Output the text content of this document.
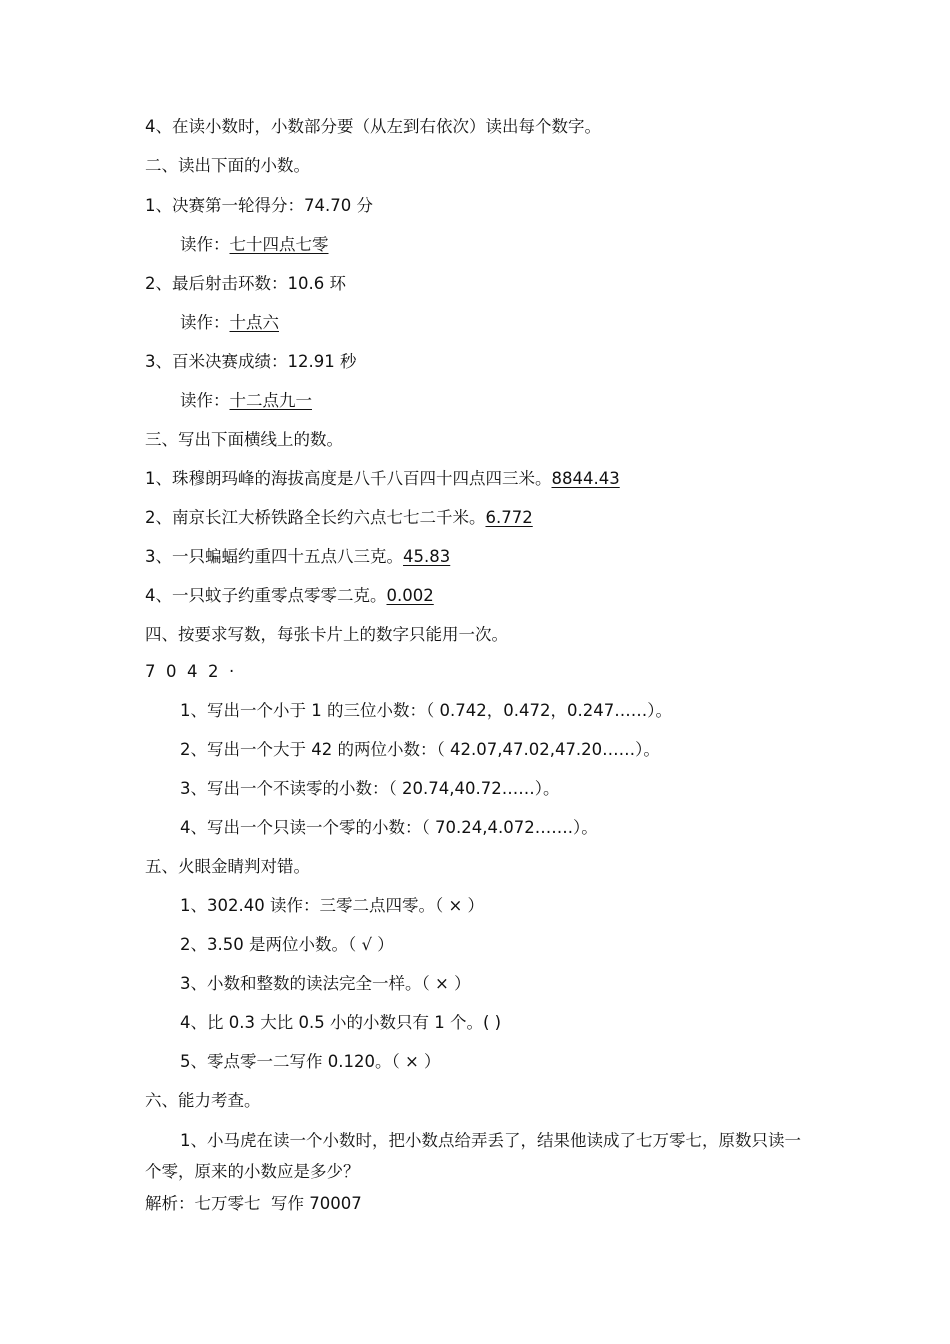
4、在读小数时，小数部分要（从左到右依次）读出每个数字。
二、读出下面的小数。
1、决赛第一轮得分：74.70 分
读作：七十四点七零
2、最后射击环数：10.6 环
读作：十点六
3、百米决赛成绩：12.91 秒
读作：十二点九一
三、写出下面横线上的数。
1、珠穆朗玛峰的海拔高度是八千八百四十四点四三米。8844.43
2、南京长江大桥铁路全长约六点七七二千米。6.772
3、一只蝙蝠约重四十五点八三克。45.83
4、一只蚊子约重零点零零二克。0.002
四、按要求写数，每张卡片上的数字只能用一次。
7  0  4  2  ·
1、写出一个小于 1 的三位小数：（ 0.742，0.472，0.247……）。
2、写出一个大于 42 的两位小数：（ 42.07,47.02,47.20……）。
3、写出一个不读零的小数：（ 20.74,40.72……）。
4、写出一个只读一个零的小数：（ 70.24,4.072…….）。
五、火眼金睛判对错。
1、302.40 读作：三零二点四零。（ × ）
2、3.50 是两位小数。（ √ ）
3、小数和整数的读法完全一样。（ × ）
4、比 0.3 大比 0.5 小的小数只有 1 个。( )
5、零点零一二写作 0.120。（ × ）
六、能力考查。
1、小马虎在读一个小数时，把小数点给弄丢了，结果他读成了七万零七，原数只读一个零，原来的小数应是多少？
解析：七万零七  写作 70007
